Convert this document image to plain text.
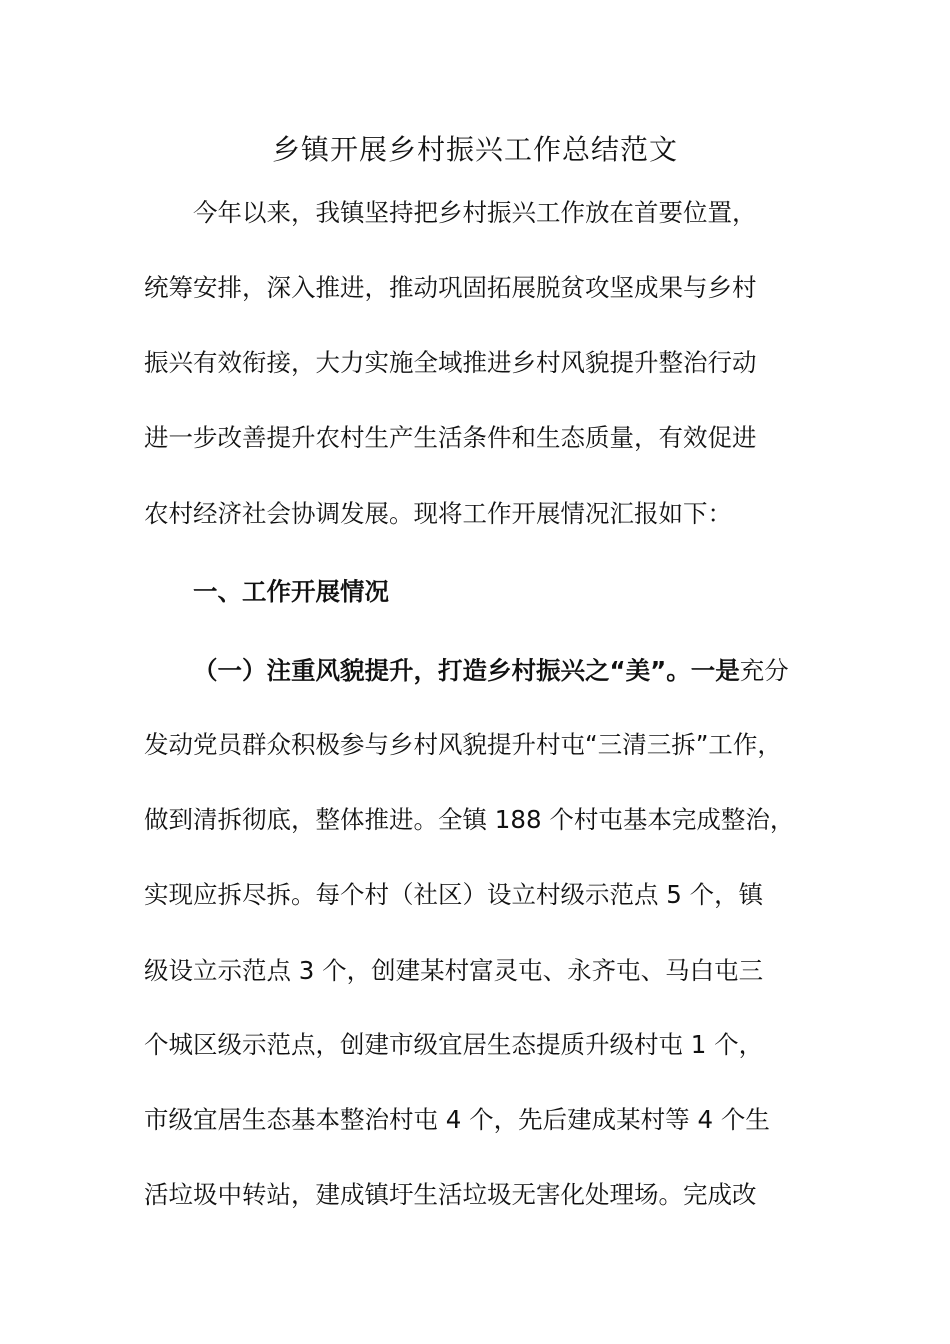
乡镇开展乡村振兴工作总结范文

今年以来，我镇坚持把乡村振兴工作放在首要位置，

统筹安排，深入推进，推动巩固拓展脱贫攻坚成果与乡村

振兴有效衔接，大力实施全域推进乡村风貌提升整治行动

进一步改善提升农村生产生活条件和生态质量，有效促进

农村经济社会协调发展。现将工作开展情况汇报如下：

一、工作开展情况

（一）注重风貌提升，打造乡村振兴之“美”。一是充分

发动党员群众积极参与乡村风貌提升村屯“三清三拆”工作，

做到清拆彻底，整体推进。全镇 188 个村屯基本完成整治，

实现应拆尽拆。每个村（社区）设立村级示范点 5 个，镇

级设立示范点 3 个，创建某村富灵屯、永齐屯、马白屯三

个城区级示范点，创建市级宜居生态提质升级村屯 1 个，

市级宜居生态基本整治村屯 4 个，先后建成某村等 4 个生

活垃圾中转站，建成镇圩生活垃圾无害化处理场。完成改
